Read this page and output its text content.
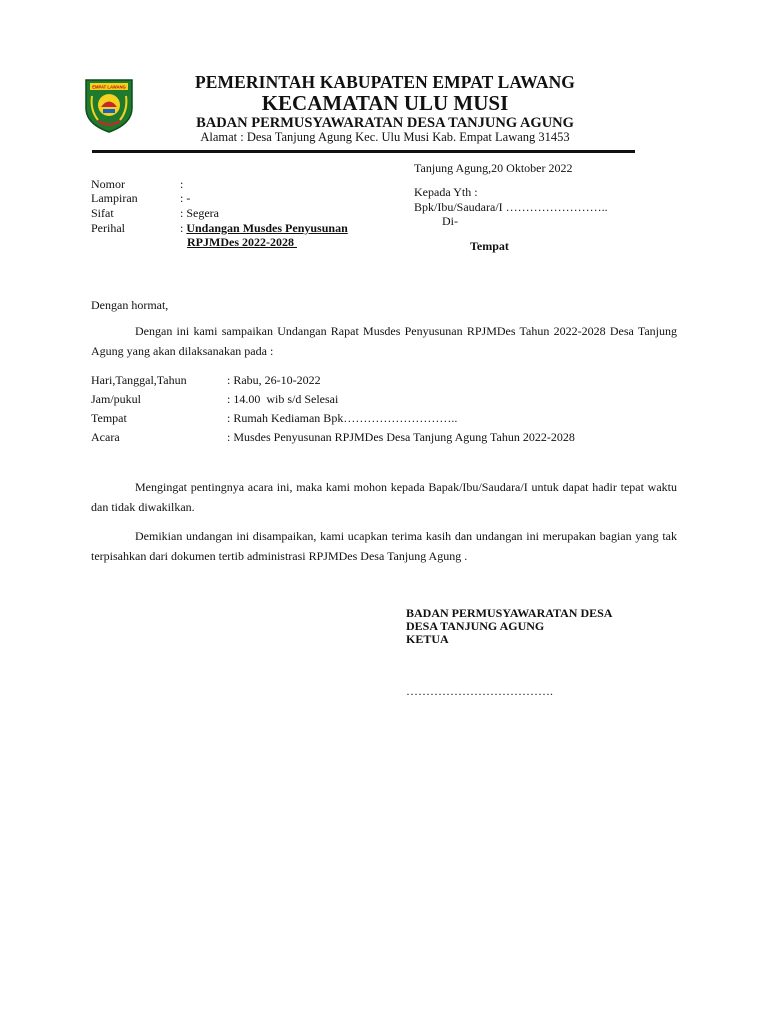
EMPAT LAWANG	PEMERINTAH KABUPATEN EMPAT LAWANG
KECAMATAN ULU MUSI
BADAN PERMUSYAWARATAN DESA TANJUNG AGUNG
Alamat : Desa Tanjung Agung Kec. Ulu Musi Kab. Empat Lawang 31453
Tanjung Agung,20 Oktober 2022
Kepada Yth :
Bpk/Ibu/Saudara/I ……………………..
Di-
Tempat
Nomor	:
Lampiran	: -
Sifat	: Segera
Perihal	: Undangan Musdes Penyusunan
RPJMDes 2022-2028
Dengan hormat,
Dengan ini kami sampaikan Undangan Rapat Musdes Penyusunan RPJMDes Tahun 2022-2028 Desa Tanjung Agung yang akan dilaksanakan pada :
Hari,Tanggal,Tahun	: Rabu, 26-10-2022
Jam/pukul	: 14.00  wib s/d Selesai
Tempat	: Rumah Kediaman Bpk………………………..
Acara	: Musdes Penyusunan RPJMDes Desa Tanjung Agung Tahun 2022-2028
Mengingat pentingnya acara ini, maka kami mohon kepada Bapak/Ibu/Saudara/I untuk dapat hadir tepat waktu dan tidak diwakilkan.
Demikian undangan ini disampaikan, kami ucapkan terima kasih dan undangan ini merupakan bagian yang tak terpisahkan dari dokumen tertib administrasi RPJMDes Desa Tanjung Agung .
BADAN PERMUSYAWARATAN DESA
DESA TANJUNG AGUNG
KETUA
……………………………….
